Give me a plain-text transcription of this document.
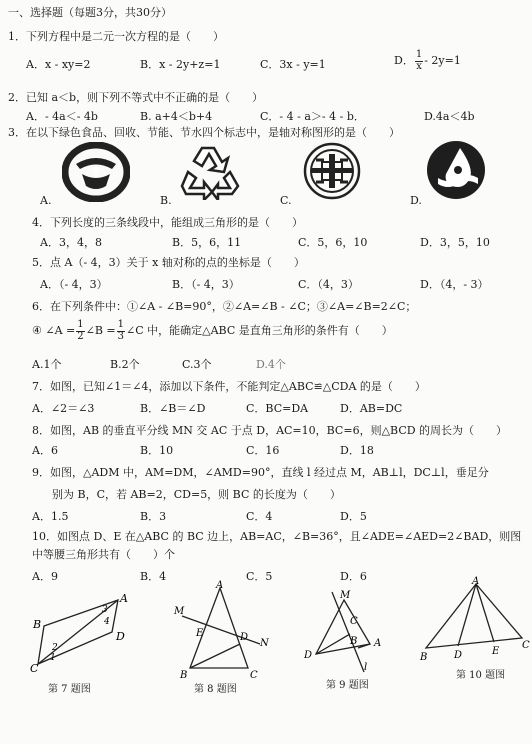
一、选择题（每题3分，共30分）
1．下列方程中是二元一次方程的是（　　）
A．x - xy=2	B．x - 2y+z=1	C．3x - y=1	D． $\frac{1}{x} - 2y=1$
2．已知 a＜b，则下列不等式中不正确的是（　　）
A．- 4a＜- 4b	B. a+4＜b+4	C．- 4 - a＞- 4 - b．	D.4a＜4b
3．在以下绿色食品、回收、节能、节水四个标志中，是轴对称图形的是（　　）
A.	B.	C.	D.
4．下列长度的三条线段中，能组成三角形的是（　　）
A．3，4，8	B．5，6，11	C．5，6，10	D．3，5，10
5．点 A（- 4，3）关于 x 轴对称的点的坐标是（　　）
A．（- 4，3）	B．（- 4，3）	C．（4，3）	D．（4，- 3）
6．在下列条件中：①∠A - ∠B=90°，②∠A=∠B - ∠C；③∠A=∠B=2∠C；
④ ∠A = $\frac{1}{2}$ ∠B = $\frac{1}{3}$ ∠C 中，能确定△ABC 是直角三角形的条件有（　　）
A.1个	B.2个	C.3个	D.4个
7．如图，已知∠1＝∠4，添加以下条件，不能判定△ABC≌△CDA 的是（　　）
A．∠2＝∠3	B．∠B＝∠D	C．BC=DA	D．AB=DC
8．如图，AB 的垂直平分线 MN 交 AC 于点 D，AC=10，BC=6，则△BCD 的周长为（　　）
A．6	B．10	C．16	D．18
9．如图，△ADM 中，AM=DM，∠AMD=90°，直线 l 经过点 M，AB⊥l，DC⊥l，垂足分
别为 B，C，若 AB=2，CD=5，则 BC 的长度为（　　）
A．1.5	B．3	C．4	D．5
10．如图点 D、E 在△ABC 的 BC 边上，AB=AC，∠B=36°，且∠ADE=∠AED=2∠BAD，则图
中等腰三角形共有（　　）个
A．9	B．4	C．5	D．6
A
B
C
D
1
2
3
4
第 7 题图
A
M
E	D
N
C
B
第 8 题图
M
C
B
D
A
l
第 9 题图
A
B	D	E
C
第 10 题图
